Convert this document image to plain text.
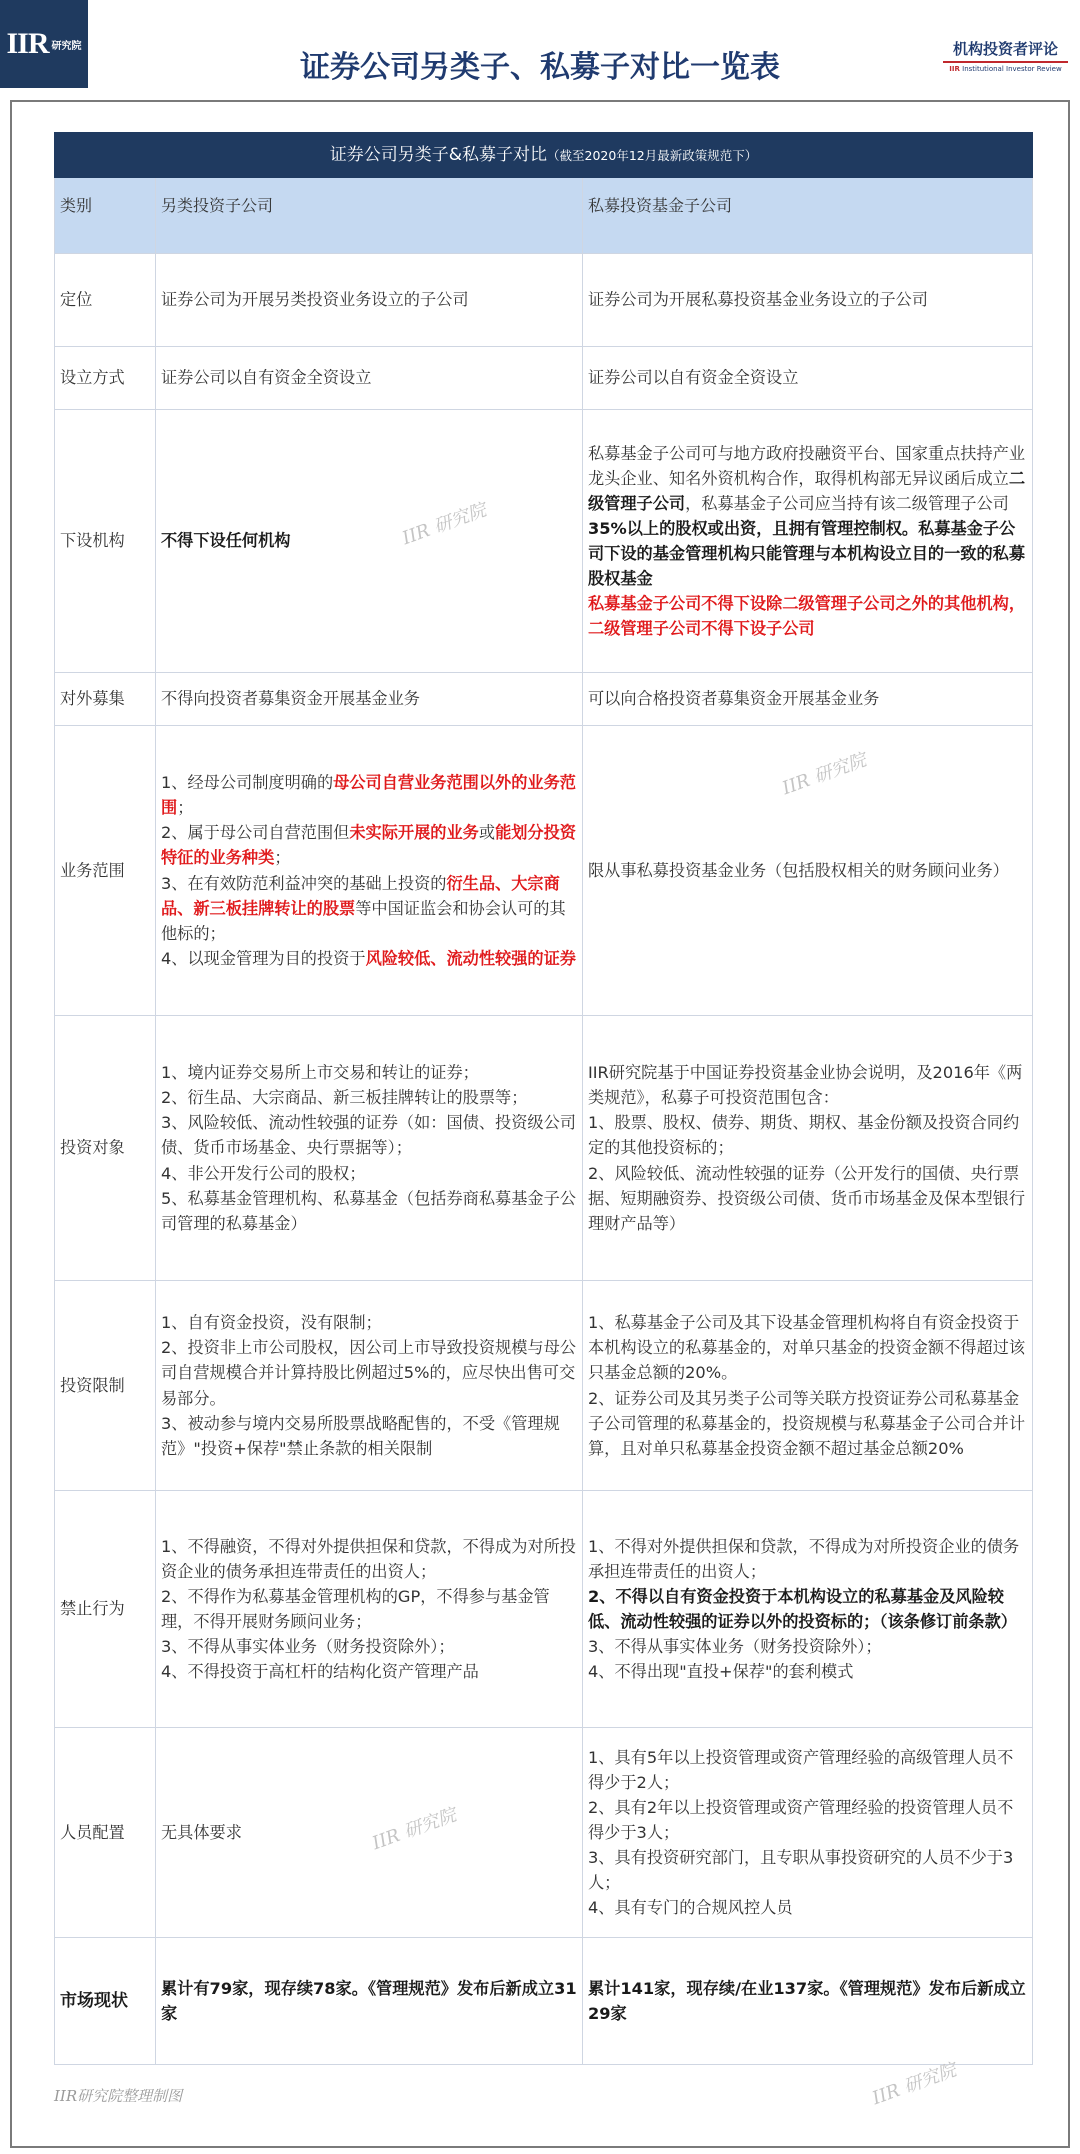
IIR 研究院
证券公司另类子、私募子对比一览表
机构投资者评论
IIR Institutional Investor Review
证券公司另类子&私募子对比（截至2020年12月最新政策规范下）		
类别	另类投资子公司	私募投资基金子公司
定位	证券公司为开展另类投资业务设立的子公司	证券公司为开展私募投资基金业务设立的子公司
设立方式	证券公司以自有资金全资设立	证券公司以自有资金全资设立
下设机构	不得下设任何机构	私募基金子公司可与地方政府投融资平台、国家重点扶持产业龙头企业、知名外资机构合作，取得机构部无异议函后成立二级管理子公司，私募基金子公司应当持有该二级管理子公司35%以上的股权或出资，且拥有管理控制权。私募基金子公司下设的基金管理机构只能管理与本机构设立目的一致的私募股权基金
私募基金子公司不得下设除二级管理子公司之外的其他机构，二级管理子公司不得下设子公司

对外募集	不得向投资者募集资金开展基金业务	可以向合格投资者募集资金开展基金业务
业务范围	1、经母公司制度明确的母公司自营业务范围以外的业务范围；
2、属于母公司自营范围但未实际开展的业务或能划分投资特征的业务种类；
3、在有效防范利益冲突的基础上投资的衍生品、大宗商品、新三板挂牌转让的股票等中国证监会和协会认可的其他标的；
4、以现金管理为目的投资于风险较低、流动性较强的证券	限从事私募投资基金业务（包括股权相关的财务顾问业务）
投资对象	1、境内证券交易所上市交易和转让的证券；
2、衍生品、大宗商品、新三板挂牌转让的股票等；
3、风险较低、流动性较强的证券（如：国债、投资级公司债、货币市场基金、央行票据等）；
4、非公开发行公司的股权；
5、私募基金管理机构、私募基金（包括券商私募基金子公司管理的私募基金）	IIR研究院基于中国证券投资基金业协会说明，及2016年《两类规范》，私募子可投资范围包含：
1、股票、股权、债券、期货、期权、基金份额及投资合同约定的其他投资标的；
2、风险较低、流动性较强的证券（公开发行的国债、央行票据、短期融资券、投资级公司债、货币市场基金及保本型银行理财产品等）

投资限制	1、自有资金投资，没有限制；
2、投资非上市公司股权，因公司上市导致投资规模与母公司自营规模合并计算持股比例超过5%的，应尽快出售可交易部分。
3、被动参与境内交易所股票战略配售的，不受《管理规范》"投资+保荐"禁止条款的相关限制	1、私募基金子公司及其下设基金管理机构将自有资金投资于本机构设立的私募基金的，对单只基金的投资金额不得超过该只基金总额的20%。
2、证券公司及其另类子公司等关联方投资证券公司私募基金子公司管理的私募基金的，投资规模与私募基金子公司合并计算，且对单只私募基金投资金额不超过基金总额20%

禁止行为	1、不得融资，不得对外提供担保和贷款，不得成为对所投资企业的债务承担连带责任的出资人；
2、不得作为私募基金管理机构的GP，不得参与基金管理，不得开展财务顾问业务；
3、不得从事实体业务（财务投资除外）；
4、不得投资于高杠杆的结构化资产管理产品	1、不得对外提供担保和贷款，不得成为对所投资企业的债务承担连带责任的出资人；
2、不得以自有资金投资于本机构设立的私募基金及风险较低、流动性较强的证券以外的投资标的；（该条修订前条款）
3、不得从事实体业务（财务投资除外）；
4、不得出现"直投+保荐"的套利模式

人员配置	无具体要求	1、具有5年以上投资管理或资产管理经验的高级管理人员不得少于2人；
2、具有2年以上投资管理或资产管理经验的投资管理人员不得少于3人；
3、具有投资研究部门，且专职从事投资研究的人员不少于3人；
4、具有专门的合规风控人员

市场现状	累计有79家，现存续78家。《管理规范》发布后新成立31家	累计141家，现存续/在业137家。《管理规范》发布后新成立29家
IIR 研究院
IIR 研究院
IIR 研究院
IIR 研究院
IIR研究院整理制图
